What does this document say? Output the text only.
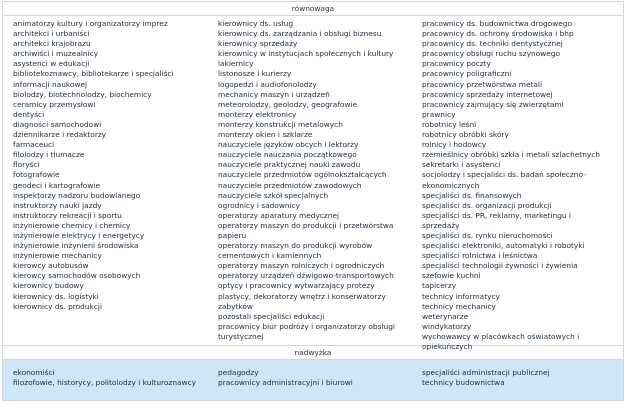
równowaga
animatorzy kultury i organizatorzy imprez
architekci i urbaniści
architekci krajobrazu
archiwiści i muzealnicy
asystenci w edukacji
bibliotekoznawcy, bibliotekarze i specjaliści informacji naukowej
biolodzy, biotechnolodzy, biochemicy
ceramicy przemysłowi
dentyści
diagności samochodowi
dziennikarze i redaktorzy
farmaceuci
filolodzy i tłumacze
floryści
fotografowie
geodeci i kartografowie
inspektorzy nadzoru budowlanego
instruktorzy nauki jazdy
instruktorzy rekreacji i sportu
inżynierowie chemicy i chemicy
inżynierowie elektrycy i energetycy
inżynierowie inżynierii środowiska
inżynierowie mechanicy
kierowcy autobusów
kierowcy samochodów osobowych
kierownicy budowy
kierownicy ds. logistyki
kierownicy ds. produkcji
kierownicy ds. usług
kierownicy ds. zarządzania i obsługi biznesu
kierownicy sprzedaży
kierownicy w instytucjach społecznych i kultury
lakiernicy
listonosze i kurierzy
logopedzi i audiofonolodzy
mechanicy maszyn i urządzeń
meteorolodzy, geolodzy, geografowie
monterzy elektronicy
monterzy konstrukcji metalowych
monterzy okien i szklarze
nauczyciele języków obcych i lektorzy
nauczyciele nauczania początkowego
nauczyciele praktycznej nauki zawodu
nauczyciele przedmiotów ogólnokształcących
nauczyciele przedmiotów zawodowych
nauczyciele szkół specjalnych
ogrodnicy i sadownicy
operatorzy aparatury medycznej
operatorzy maszyn do produkcji i przetwórstwa papieru
operatorzy maszyn do produkcji wyrobów cementowych i kamiennych
operatorzy maszyn rolniczych i ogrodniczych
operatorzy urządzeń dźwigowo-transportowych
optycy i pracownicy wytwarzający protezy
plastycy, dekoratorzy wnętrz i konserwatorzy zabytków
pozostali specjaliści edukacji
pracownicy biur podróży i organizatorzy obsługi turystycznej
pracownicy ds. budownictwa drogowego
pracownicy ds. ochrony środowiska i bhp
pracownicy ds. techniki dentystycznej
pracownicy obsługi ruchu szynowego
pracownicy poczty
pracownicy poligraficzni
pracownicy przetwórstwa metali
pracownicy sprzedaży internetowej
pracownicy zajmujący się zwierzętami
prawnicy
robotnicy leśni
robotnicy obróbki skóry
rolnicy i hodowcy
rzemieślnicy obróbki szkła i metali szlachetnych
sekretarki i asystenci
socjolodzy i specjaliści ds. badań społeczno-ekonomicznych
specjaliści ds. finansowych
specjaliści ds. organizacji produkcji
specjaliści ds. PR, reklamy, marketingu i sprzedaży
specjaliści ds. rynku nieruchomości
specjaliści elektroniki, automatyki i robotyki
specjaliści rolnictwa i leśnictwa
specjaliści technologii żywności i żywienia
szefowie kuchni
tapicerzy
technicy informatycy
technicy mechanicy
weterynarze
windykatorzy
wychowawcy w placówkach oświatowych i opiekuńczych
nadwyżka
ekonomiści
filozofowie, historycy, politolodzy i kulturoznawcy
pedagodzy
pracownicy administracyjni i biurowi
specjaliści administracji publicznej
technicy budownictwa
